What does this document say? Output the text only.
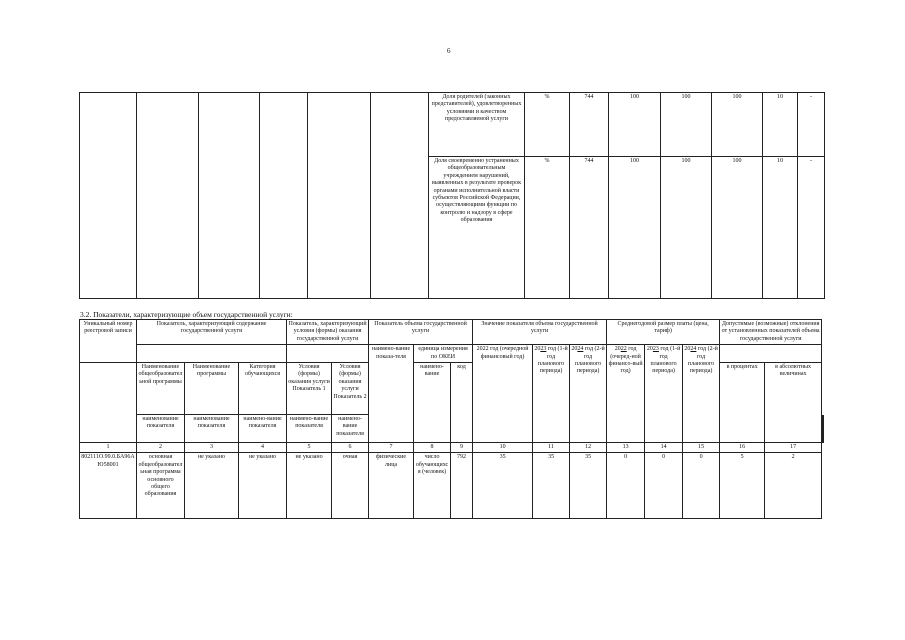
6
						Доля родителей (законных представителей), удовлетворенных условиями и качеством предоставляемой услуги	%	744	100	100	100	10	-
						Доля своевременно устраненных общеобразовательным учреждением нарушений, выявленных в результате проверок органами исполнительной власти субъектов Российской Федерации, осуществляющими функции по контролю и надзору в сфере образования	%	744	100	100	100	10	-
3.2. Показатели, характеризующие объем государственной услуги:
Уникальный номер реестровой записи	Показатель, характеризующий содержание государственной услуги			Показатель, характеризующий условия (формы) оказания государственной услуги		Показатель объема государственной услуги			Значение показателя объема государственной услуги			Среднегодовой размер платы (цена, тариф)			Допустимые (возможные) отклонения от установленных показателей объема государственной услуги			
						наимено-вание показа-теля	единица измерения по ОКЕИ		2022 год (очередной финансовый год)	2023 год (1-й год планового периода)	2024 год (2-й год планового периода)	2022 год (очеред-ной финансо-вый год)	2023 год (1-й год планового периода)	2024 год (2-й год планового периода)				
							наимено-вание	код							в процентах	в абсолютных величинах		
	Наименование общеобразовательной программы	Наименование программы	Категория обучающихся	Условия (формы) оказания услуги Показатель 1	Условия (формы) оказания услуги Показатель 2													
	наименование показателя	наименование показателя	наимено-вание показателя	наимено-вание показателя	наимено-вание показателя													
1	2	3	4	5	6	7	8	9	10	11	12	13	14	15	16	17		
802111О.99.0.БА96АЮ58001	основная общеобразовательная программа основного общего образования	не указано	не указано	не указано	очная	физические лица	число обучающихся (человек)	792	35	35	35	0	0	0	5	2		
